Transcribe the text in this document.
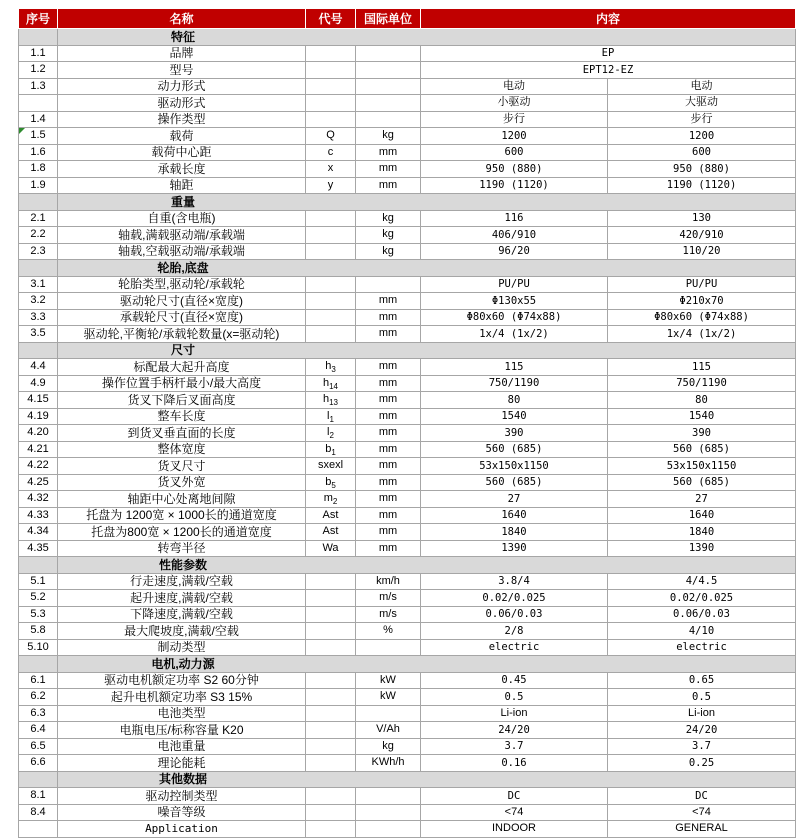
序号	名称	代号	国际单位	内容	
	特征				
1.1	品牌			EP	
1.2	型号			EPT12-EZ	
1.3	动力形式			电动	电动
	驱动形式			小驱动	大驱动
1.4	操作类型			步行	步行

1.5	载荷	Q	kg	1200	1200
1.6	载荷中心距	c	mm	600	600
1.8	承载长度	x	mm	950 (880)	950 (880)
1.9	轴距	y	mm	1190 (1120)	1190 (1120)
	重量				
2.1	自重(含电瓶)		kg	116	130
2.2	轴载,满载驱动端/承载端		kg	406/910	420/910
2.3	轴载,空载驱动端/承载端		kg	96/20	110/20
	轮胎,底盘				
3.1	轮胎类型,驱动轮/承载轮			PU/PU	PU/PU
3.2	驱动轮尺寸(直径×宽度)		mm	Φ130x55	Φ210x70
3.3	承载轮尺寸(直径×宽度)		mm	Φ80x60 (Φ74x88)	Φ80x60 (Φ74x88)
3.5	驱动轮,平衡轮/承载轮数量(x=驱动轮)		mm	1x/4 (1x/2)	1x/4 (1x/2)
	尺寸				
4.4	标配最大起升高度	$h_3$	mm	115	115
4.9	操作位置手柄杆最小/最大高度	$h_{14}$	mm	750/1190	750/1190
4.15	货叉下降后叉面高度	$h_{13}$	mm	80	80
4.19	整车长度	$l_1$	mm	1540	1540
4.20	到货叉垂直面的长度	$l_2$	mm	390	390
4.21	整体宽度	$b_1$	mm	560 (685)	560 (685)
4.22	货叉尺寸	sxexl	mm	53x150x1150	53x150x1150
4.25	货叉外宽	$b_5$	mm	560 (685)	560 (685)
4.32	轴距中心处离地间隙	$m_2$	mm	27	27
4.33	托盘为 1200宽 × 1000长的通道宽度	Ast	mm	1640	1640
4.34	托盘为800宽 × 1200长的通道宽度	Ast	mm	1840	1840
4.35	转弯半径	Wa	mm	1390	1390
	性能参数				
5.1	行走速度,满载/空载		km/h	3.8/4	4/4.5
5.2	起升速度,满载/空载		m/s	0.02/0.025	0.02/0.025
5.3	下降速度,满载/空载		m/s	0.06/0.03	0.06/0.03
5.8	最大爬坡度,满载/空载		%	2/8	4/10
5.10	制动类型			electric	electric
	电机,动力源				
6.1	驱动电机额定功率 S2 60分钟		kW	0.45	0.65
6.2	起升电机额定功率 S3 15%		kW	0.5	0.5
6.3	电池类型			Li-ion	Li-ion
6.4	电瓶电压/标称容量 K20		V/Ah	24/20	24/20
6.5	电池重量		kg	3.7	3.7
6.6	理论能耗		KWh/h	0.16	0.25
	其他数据				
8.1	驱动控制类型			DC	DC
8.4	噪音等级			<74	<74
	Application			INDOOR	GENERAL
